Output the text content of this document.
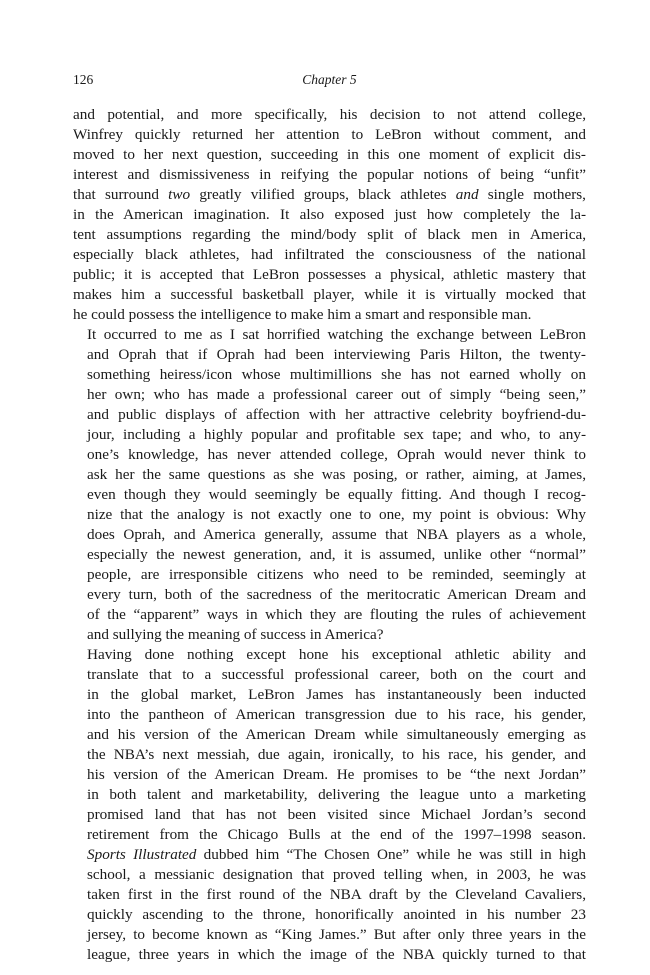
126	Chapter 5

and potential, and more specifically, his decision to not attend college,
Winfrey quickly returned her attention to LeBron without comment, and
moved to her next question, succeeding in this one moment of explicit dis-
interest and dismissiveness in reifying the popular notions of being “unfit”
that surround two greatly vilified groups, black athletes and single mothers,
in the American imagination. It also exposed just how completely the la-
tent assumptions regarding the mind/body split of black men in America,
especially black athletes, had infiltrated the consciousness of the national
public; it is accepted that LeBron possesses a physical, athletic mastery that
makes him a successful basketball player, while it is virtually mocked that
he could possess the intelligence to make him a smart and responsible man.

It occurred to me as I sat horrified watching the exchange between LeBron
and Oprah that if Oprah had been interviewing Paris Hilton, the twenty-
something heiress/icon whose multimillions she has not earned wholly on
her own; who has made a professional career out of simply “being seen,”
and public displays of affection with her attractive celebrity boyfriend-du-
jour, including a highly popular and profitable sex tape; and who, to any-
one’s knowledge, has never attended college, Oprah would never think to
ask her the same questions as she was posing, or rather, aiming, at James,
even though they would seemingly be equally fitting. And though I recog-
nize that the analogy is not exactly one to one, my point is obvious: Why
does Oprah, and America generally, assume that NBA players as a whole,
especially the newest generation, and, it is assumed, unlike other “normal”
people, are irresponsible citizens who need to be reminded, seemingly at
every turn, both of the sacredness of the meritocratic American Dream and
of the “apparent” ways in which they are flouting the rules of achievement
and sullying the meaning of success in America?

Having done nothing except hone his exceptional athletic ability and
translate that to a successful professional career, both on the court and
in the global market, LeBron James has instantaneously been inducted
into the pantheon of American transgression due to his race, his gender,
and his version of the American Dream while simultaneously emerging as
the NBA’s next messiah, due again, ironically, to his race, his gender, and
his version of the American Dream. He promises to be “the next Jordan”
in both talent and marketability, delivering the league unto a marketing
promised land that has not been visited since Michael Jordan’s second
retirement from the Chicago Bulls at the end of the 1997–1998 season.
Sports Illustrated dubbed him “The Chosen One” while he was still in high
school, a messianic designation that proved telling when, in 2003, he was
taken first in the first round of the NBA draft by the Cleveland Cavaliers,
quickly ascending to the throne, honorifically anointed in his number 23
jersey, to become known as “King James.” But after only three years in the
league, three years in which the image of the NBA quickly turned to that
